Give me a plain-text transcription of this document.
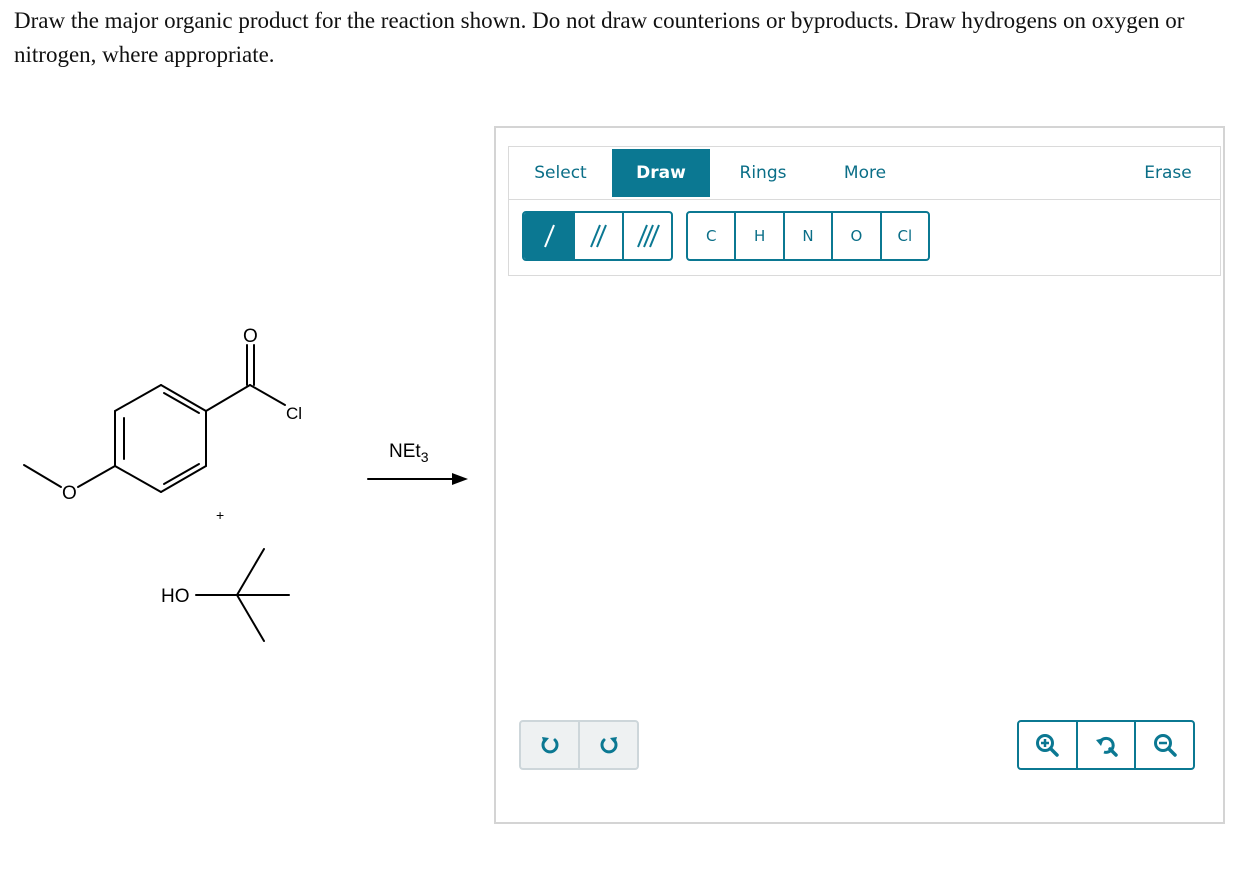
Draw the major organic product for the reaction shown. Do not draw counterions or byproducts. Draw hydrogens on oxygen or nitrogen, where appropriate.

O
Cl
O
+
HO
NEt$_3$
Select	Draw	Rings	More	Erase
C	H	N	O	Cl
